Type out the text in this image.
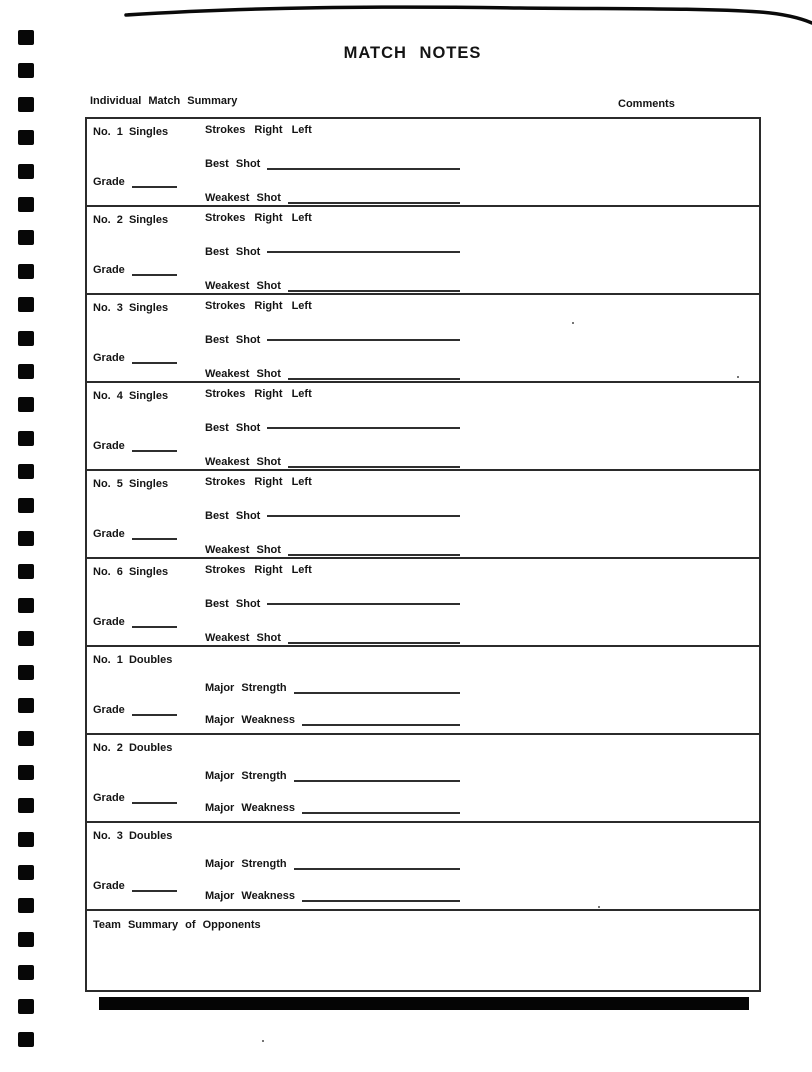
MATCH NOTES
Individual Match Summary	Comments
No. 1 Singles	Strokes Right Left
Best Shot
Grade
Weakest Shot
No. 2 Singles	Strokes Right Left
Best Shot
Grade
Weakest Shot
No. 3 Singles	Strokes Right Left
Best Shot
Grade
Weakest Shot
No. 4 Singles	Strokes Right Left
Best Shot
Grade
Weakest Shot
No. 5 Singles	Strokes Right Left
Best Shot
Grade
Weakest Shot
No. 6 Singles	Strokes Right Left
Best Shot
Grade
Weakest Shot
No. 1 Doubles
Major Strength
Grade
Major Weakness
No. 2 Doubles
Major Strength
Grade
Major Weakness
No. 3 Doubles
Major Strength
Grade
Major Weakness
Team Summary of Opponents
